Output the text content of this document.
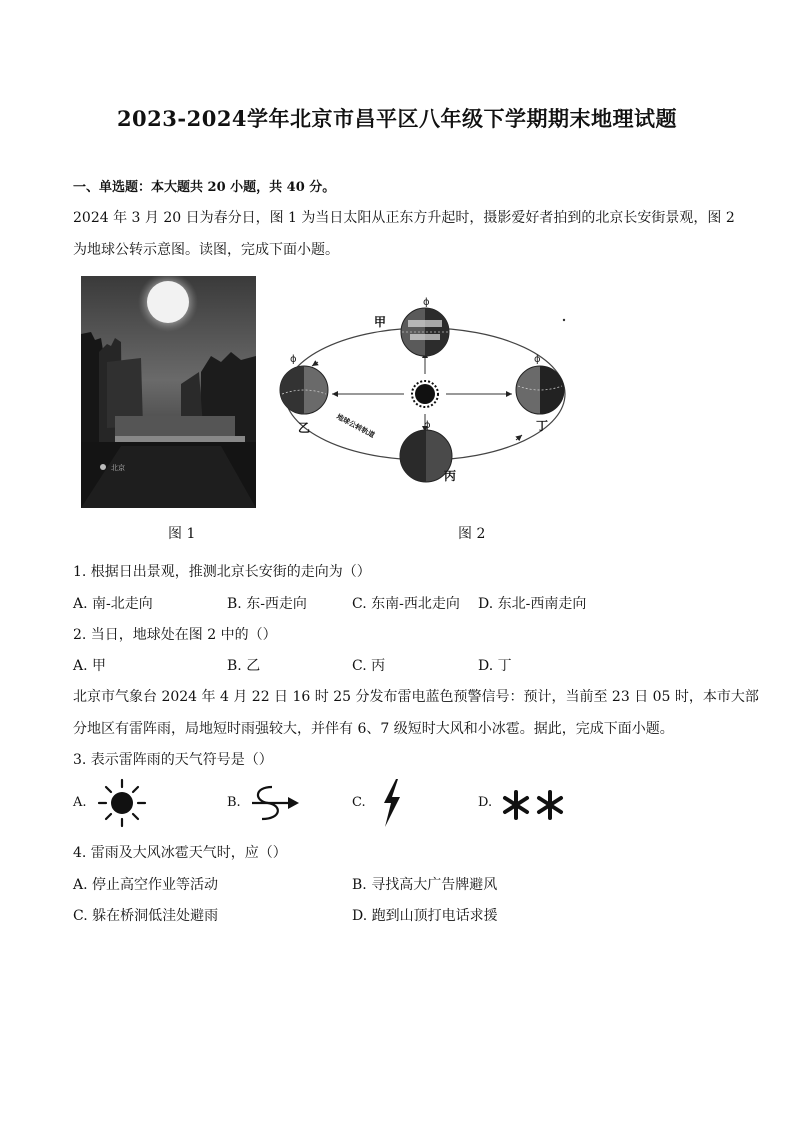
2023-2024学年北京市昌平区八年级下学期期末地理试题
一、单选题：本大题共 20 小题，共 40 分。
2024 年 3 月 20 日为春分日，图 1 为当日太阳从正东方升起时，摄影爱好者拍到的北京长安街景观，图 2
为地球公转示意图。读图，完成下面小题。
北京
ϕ
ϕ	ϕ
ϕ
甲
乙
丙
丁
地球公转轨道
图 1	图 2
1. 根据日出景观，推测北京长安街的走向为（）
A. 南-北走向	B. 东-西走向	C. 东南-西北走向 D. 东北-西南走向
2. 当日，地球处在图 2 中的（）
A. 甲	B. 乙	C. 丙	D. 丁
北京市气象台 2024 年 4 月 22 日 16 时 25 分发布雷电蓝色预警信号：预计，当前至 23 日 05 时，本市大部
分地区有雷阵雨，局地短时雨强较大，并伴有 6、7 级短时大风和小冰雹。据此，完成下面小题。
3. 表示雷阵雨的天气符号是（）
A.	B.	C.	D.
4. 雷雨及大风冰雹天气时，应（）
A. 停止高空作业等活动	B. 寻找高大广告牌避风
C. 躲在桥洞低洼处避雨	D. 跑到山顶打电话求援
